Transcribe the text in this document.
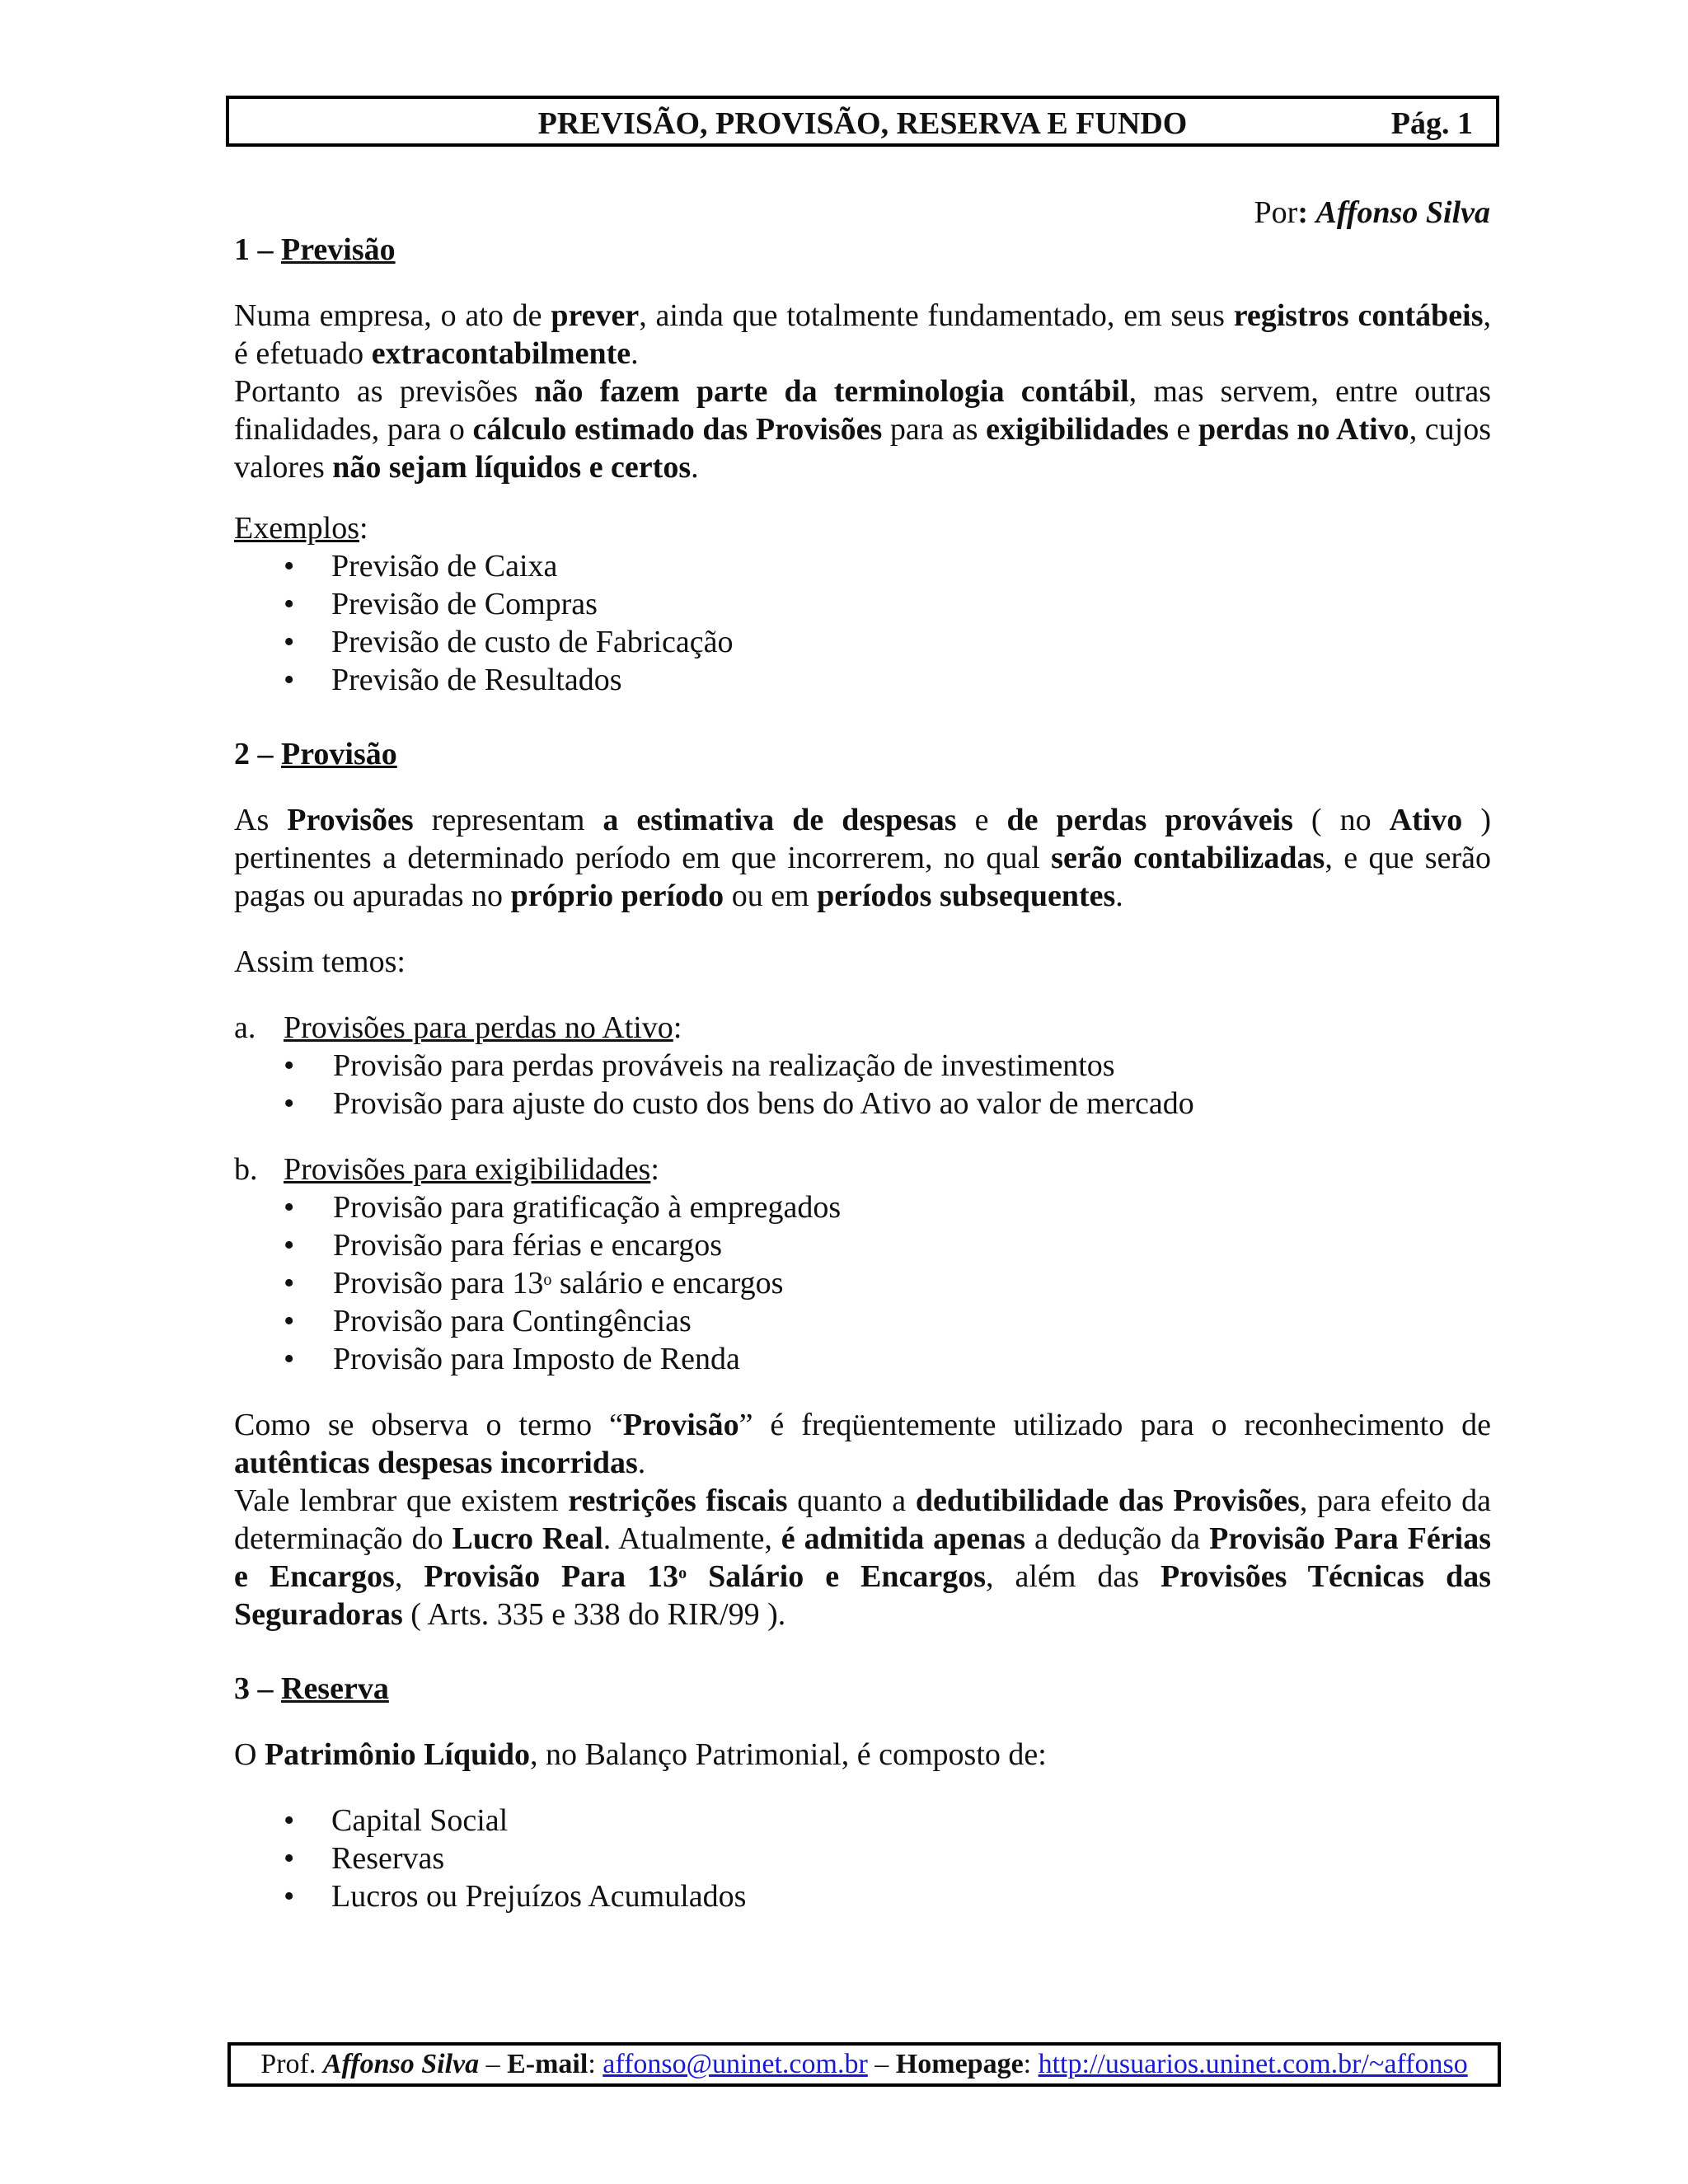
PREVISÃO, PROVISÃO, RESERVA E FUNDO	Pág. 1
Por: Affonso Silva
1 – Previsão

Numa empresa, o ato de prever, ainda que totalmente fundamentado, em seus registros contábeis, é efetuado extracontabilmente.

Portanto as previsões não fazem parte da terminologia contábil, mas servem, entre outras finalidades, para o cálculo estimado das Provisões para as exigibilidades e perdas no Ativo, cujos valores não sejam líquidos e certos.

Exemplos:
• Previsão de Caixa
• Previsão de Compras
• Previsão de custo de Fabricação
• Previsão de Resultados
2 – Provisão

As Provisões representam a estimativa de despesas e de perdas prováveis ( no Ativo ) pertinentes a determinado período em que incorrerem, no qual serão contabilizadas, e que serão pagas ou apuradas no próprio período ou em períodos subsequentes.

Assim temos:

a. Provisões para perdas no Ativo:
• Provisão para perdas prováveis na realização de investimentos
• Provisão para ajuste do custo dos bens do Ativo ao valor de mercado
b. Provisões para exigibilidades:
• Provisão para gratificação à empregados
• Provisão para férias e encargos
• Provisão para 13$^o$ salário e encargos
• Provisão para Contingências
• Provisão para Imposto de Renda

Como se observa o termo “Provisão” é freqüentemente utilizado para o reconhecimento de autênticas despesas incorridas.

Vale lembrar que existem restrições fiscais quanto a dedutibilidade das Provisões, para efeito da determinação do Lucro Real. Atualmente, é admitida apenas a dedução da Provisão Para Férias e Encargos, Provisão Para 13$^o$ Salário e Encargos, além das Provisões Técnicas das Seguradoras ( Arts. 335 e 338 do RIR/99 ).

3 – Reserva

O Patrimônio Líquido, no Balanço Patrimonial, é composto de:

• Capital Social
• Reservas
• Lucros ou Prejuízos Acumulados
Prof. Affonso Silva – E-mail: affonso@uninet.com.br – Homepage: http://usuarios.uninet.com.br/~affonso
